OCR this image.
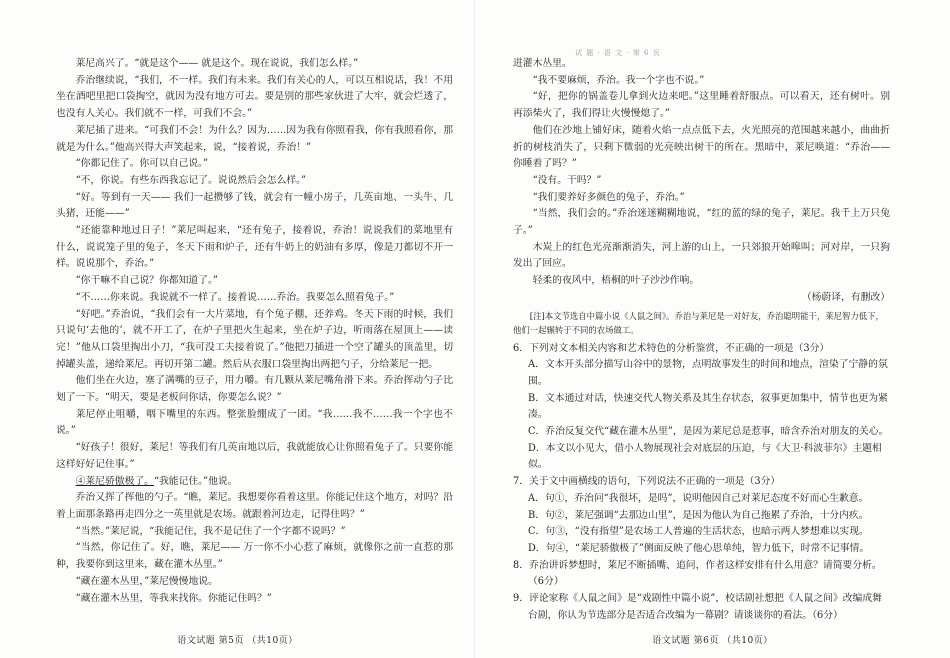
莱尼高兴了。“就是这个—— 就是这个。现在说说，我们怎么样。”

乔治继续说，“我们，不一样。我们有未来。我们有关心的人，可以互相说话，我！不用坐在酒吧里把口袋掏空，就因为没有地方可去。要是别的那些家伙进了大牢，就会烂透了，也没有人关心。我们就不一样，可我们不会。”

莱尼插了进来。“可我们不会！为什么？因为……因为我有你照看我，你有我照看你，那就是为什么。”他高兴得大声笑起来，说，“接着说，乔治！”

“你都记住了。你可以自己说。”

“不，你说。有些东西我忘记了。说说然后会怎么样。”

“好。等到有一天—— 我们一起攒够了钱，就会有一幢小房子，几英亩地、一头牛、几头猪，还能——”

“还能靠种地过日子！”莱尼叫起来，“还有兔子，接着说，乔治！说说我们的菜地里有什么，说说笼子里的兔子，冬天下雨和炉子，还有牛奶上的奶油有多厚，像是刀都切不开一样。说说那个，乔治。”

“你干嘛不自己说？你都知道了。”

“不……你来说。我说就不一样了。接着说……乔治。我要怎么照看兔子。”

“好吧。”乔治说，“我们会有一大片菜地，有个兔子棚，还养鸡。冬天下雨的时候，我们只说句‘去他的’，就不开工了，在炉子里把火生起来，坐在炉子边，听雨落在屋顶上——读完！”他从口袋里掏出小刀，“我可没工夫接着说了。”他把刀插进一个空了罐头的顶盖里，切掉罐头盖，递给莱尼。再切开第二罐。然后从衣服口袋里掏出两把勺子，分给莱尼一把。

他们坐在火边，塞了满嘴的豆子，用力嚼。有几颗从莱尼嘴角滑下来。乔治挥动勺子比划了一下。“明天，要是老板问你话，你要怎么说？”

莱尼停止咀嚼，咽下嘴里的东西。整张脸绷成了一团。“我……我不……我一个字也不说。”

“好孩子！很好，莱尼！等我们有几英亩地以后，我就能放心让你照看兔子了。只要你能这样好好记住事。”

④莱尼骄傲极了。“我能记住。”他说。

乔治又挥了挥他的勺子。“瞧，莱尼。我想要你看着这里。你能记住这个地方，对吗？沿着上面那条路再走四分之一英里就是农场。就跟着河边走，记得住吗？”

“当然。”莱尼说，“我能记住，我不是记住了一个字都不说吗？”

“当然，你记住了。好，瞧，莱尼—— 万一你不小心惹了麻烦，就像你之前一直惹的那种，我要你到这里来，藏在灌木丛里。”

“藏在灌木丛里，”莱尼慢慢地说。

“藏在灌木丛里，等我来找你。你能记住吗？”

语文试题 第5页 （共10页）
试 题 · 语 文 · 第 6 页

进灌木丛里。

“我不要麻烦，乔治。我一个字也不说。”

“好，把你的锅盖卷儿拿到火边来吧。”这里睡着舒服点。可以看天，还有树叶。别再添柴火了，我们得让火慢慢熄了。”

他们在沙地上铺好床，随着火焰一点点低下去，火光照亮的范围越来越小，曲曲折折的树枝消失了，只剩下微弱的光亮映出树干的所在。黑暗中，莱尼唤道：“乔治—— 你睡着了吗？”

“没有。干吗？”

“我们要养好多颜色的兔子，乔治。”

“当然，我们会的。”乔治迷迷糊糊地说，“红的蓝的绿的兔子，莱尼。我千上万只兔子。”

木炭上的红色光亮渐渐消失，河上游的山上，一只郊狼开始嗥叫；河对岸，一只狗发出了回应。

轻柔的夜风中，梧桐的叶子沙沙作响。

（杨蔚译，有删改）

[注]本文节选自中篇小说《人鼠之间》。乔治与莱尼是一对好友，乔治聪明能干，莱尼智力低下，他们一起辗转于不同的农场做工。

6．下列对文本相关内容和艺术特色的分析鉴赏，不正确的一项是（3分）

A．文本开头部分描写山谷中的景物，点明故事发生的时间和地点，渲染了宁静的氛围。

B．文本通过对话，快速交代人物关系及其生存状态，叙事更加集中，情节也更为紧凑。

C．乔治反复交代“藏在灌木丛里”，是因为莱尼总是惹事，暗含乔治对朋友的关心。

D．本文以小见大，借小人物展现社会对底层的压迫，与《大卫·科波菲尔》主题相似。

7．关于文中画横线的语句，下列说法不正确的一项是（3分）

A．句①，乔治问“我很坏，是吗”，说明他因自己对莱尼态度不好而心生歉意。

B．句②，莱尼强调“去那边山里”，是因为他认为自己拖累了乔治，十分内疚。

C．句③，“没有指望”是农场工人普遍的生活状态，也暗示两人梦想难以实现。

D．句④，“莱尼骄傲极了”侧面反映了他心思单纯，智力低下，时常不记事情。

8．乔治讲诉梦想时，莱尼不断插嘴、追问，作者这样安排有什么用意？请简要分析。（6分）

9．评论家称《人鼠之间》是“戏剧性中篇小说”，校话剧社想把《人鼠之间》改编成舞台剧，你认为节选部分是否适合改编为一幕剧？请谈谈你的看法。（6分）

语文试题 第6页 （共10页）
